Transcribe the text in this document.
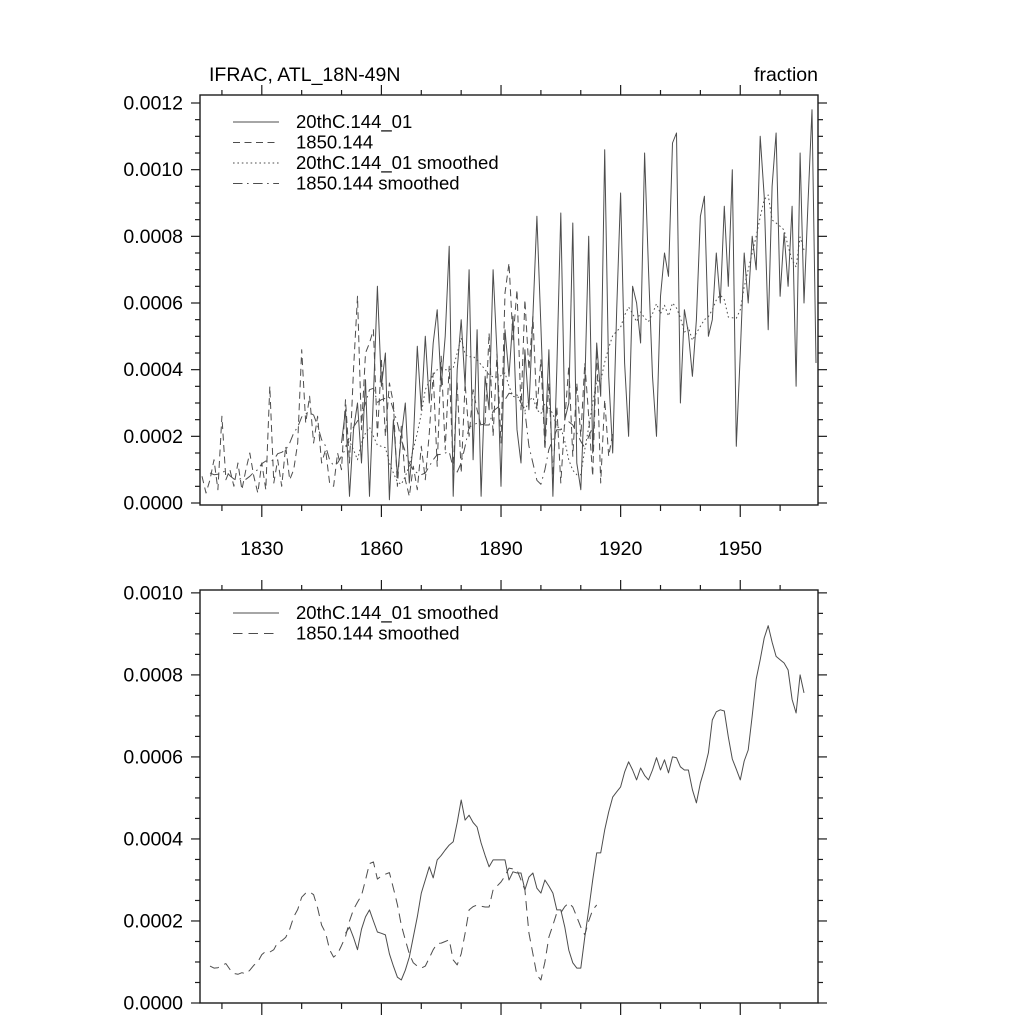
IFRAC, ATL_18N-49N	fraction
1830	1860	1890	1920	1950
0.0000
0.0002
0.0004
0.0006
0.0008
0.0010
0.0012
20thC.144_01
1850.144
20thC.144_01 smoothed
1850.144 smoothed
0.0000
0.0002
0.0004
0.0006
0.0008
0.0010
20thC.144_01 smoothed
1850.144 smoothed
